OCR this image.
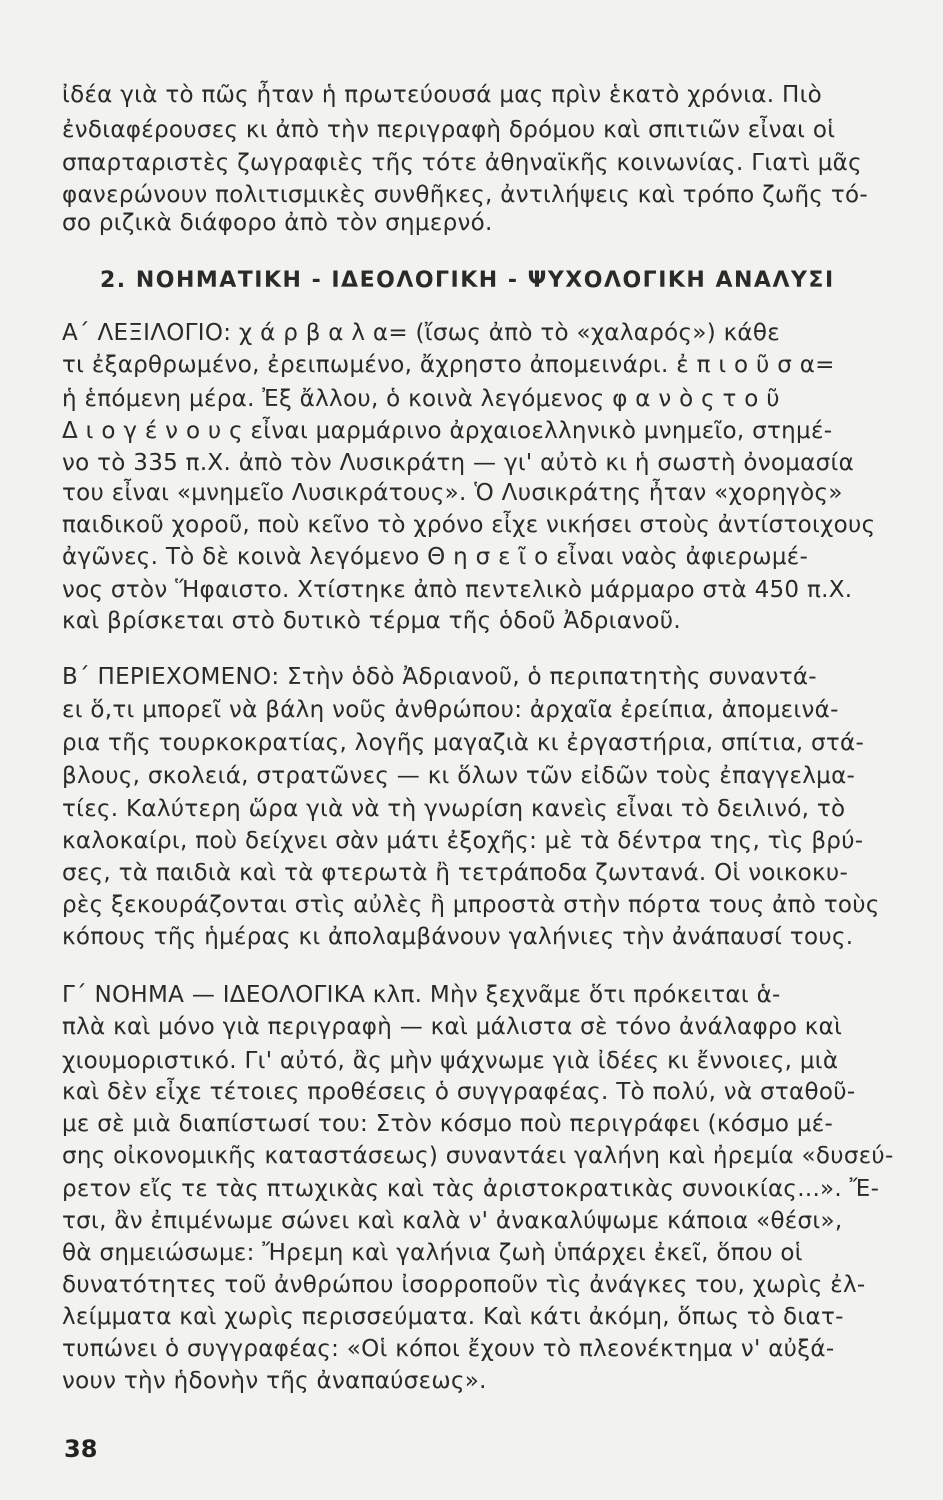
ἰδέα γιὰ τὸ πῶς ἦταν ἡ πρωτεύουσά μας πρὶν ἑκατὸ χρόνια. Πιὸ

ἐνδιαφέρουσες κι ἀπὸ τὴν περιγραφὴ δρόμου καὶ σπιτιῶν εἶναι οἱ

σπαρταριστὲς ζωγραφιὲς τῆς τότε ἀθηναϊκῆς κοινωνίας. Γιατὶ μᾶς

φανερώνουν πολιτισμικὲς συνθῆκες, ἀντιλήψεις καὶ τρόπο ζωῆς τό-

σο ριζικὰ διάφορο ἀπὸ τὸν σημερνό.

2. ΝΟΗΜΑΤΙΚΗ - ΙΔΕΟΛΟΓΙΚΗ - ΨΥΧΟΛΟΓΙΚΗ ΑΝΑΛΥΣΙ

Α΄ ΛΕΞΙΛΟΓΙΟ: χ ά ρ β α λ α= (ἴσως ἀπὸ τὸ «χαλαρός») κάθε

τι ἐξαρθρωμένο, ἐρειπωμένο, ἄχρηστο ἀπομεινάρι. ἐ π ι ο ῦ σ α=

ἡ ἑπόμενη μέρα. Ἐξ ἄλλου, ὁ κοινὰ λεγόμενος φ α ν ὸ ς τ ο ῦ

Δ ι ο γ έ ν ο υ ς εἶναι μαρμάρινο ἀρχαιοελληνικὸ μνημεῖο, στημέ-

νο τὸ 335 π.Χ. ἀπὸ τὸν Λυσικράτη — γι' αὐτὸ κι ἡ σωστὴ ὀνομασία

του εἶναι «μνημεῖο Λυσικράτους». Ὁ Λυσικράτης ἦταν «χορηγὸς»

παιδικοῦ χοροῦ, ποὺ κεῖνο τὸ χρόνο εἶχε νικήσει στοὺς ἀντίστοιχους

ἀγῶνες. Τὸ δὲ κοινὰ λεγόμενο Θ η σ ε ῖ ο εἶναι ναὸς ἀφιερωμέ-

νος στὸν Ἥφαιστο. Χτίστηκε ἀπὸ πεντελικὸ μάρμαρο στὰ 450 π.Χ.

καὶ βρίσκεται στὸ δυτικὸ τέρμα τῆς ὁδοῦ Ἀδριανοῦ.

Β΄ ΠΕΡΙΕΧΟΜΕΝΟ: Στὴν ὁδὸ Ἀδριανοῦ, ὁ περιπατητὴς συναντά-

ει ὅ,τι μπορεῖ νὰ βάλη νοῦς ἀνθρώπου: ἀρχαῖα ἐρείπια, ἀπομεινά-

ρια τῆς τουρκοκρατίας, λογῆς μαγαζιὰ κι ἐργαστήρια, σπίτια, στά-

βλους, σκολειά, στρατῶνες — κι ὅλων τῶν εἰδῶν τοὺς ἐπαγγελμα-

τίες. Καλύτερη ὥρα γιὰ νὰ τὴ γνωρίση κανεὶς εἶναι τὸ δειλινό, τὸ

καλοκαίρι, ποὺ δείχνει σὰν μάτι ἐξοχῆς: μὲ τὰ δέντρα της, τὶς βρύ-

σες, τὰ παιδιὰ καὶ τὰ φτερωτὰ ἢ τετράποδα ζωντανά. Οἱ νοικοκυ-

ρὲς ξεκουράζονται στὶς αὐλὲς ἢ μπροστὰ στὴν πόρτα τους ἀπὸ τοὺς

κόπους τῆς ἡμέρας κι ἀπολαμβάνουν γαλήνιες τὴν ἀνάπαυσί τους.

Γ΄ ΝΟΗΜΑ — ΙΔΕΟΛΟΓΙΚΑ κλπ. Μὴν ξεχνᾶμε ὅτι πρόκειται ἁ-

πλὰ καὶ μόνο γιὰ περιγραφὴ — καὶ μάλιστα σὲ τόνο ἀνάλαφρο καὶ

χιουμοριστικό. Γι' αὐτό, ἂς μὴν ψάχνωμε γιὰ ἰδέες κι ἔννοιες, μιὰ

καὶ δὲν εἶχε τέτοιες προθέσεις ὁ συγγραφέας. Τὸ πολύ, νὰ σταθοῦ-

με σὲ μιὰ διαπίστωσί του: Στὸν κόσμο ποὺ περιγράφει (κόσμο μέ-

σης οἰκονομικῆς καταστάσεως) συναντάει γαλήνη καὶ ἠρεμία «δυσεύ-

ρετον εἴς τε τὰς πτωχικὰς καὶ τὰς ἀριστοκρατικὰς συνοικίας...». Ἔ-

τσι, ἂν ἐπιμένωμε σώνει καὶ καλὰ ν' ἀνακαλύψωμε κάποια «θέσι»,

θὰ σημειώσωμε: Ἤρεμη καὶ γαλήνια ζωὴ ὑπάρχει ἐκεῖ, ὅπου οἱ

δυνατότητες τοῦ ἀνθρώπου ἰσορροποῦν τὶς ἀνάγκες του, χωρὶς ἐλ-

λείμματα καὶ χωρὶς περισσεύματα. Καὶ κάτι ἀκόμη, ὅπως τὸ διατ-

τυπώνει ὁ συγγραφέας: «Οἱ κόποι ἔχουν τὸ πλεονέκτημα ν' αὐξά-

νουν τὴν ἡδονὴν τῆς ἀναπαύσεως».

38
